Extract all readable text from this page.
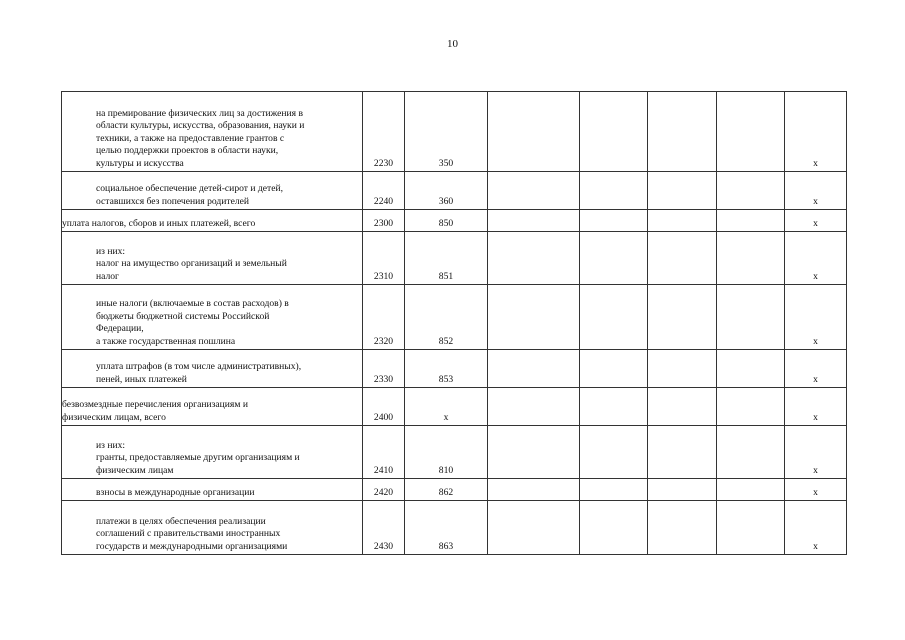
10
на премирование физических лиц за достижения в
области культуры, искусства, образования, науки и
техники, а также на предоставление грантов с
целью поддержки проектов в области науки,
культуры и искусства	2230	350					x

социальное обеспечение детей-сирот и детей,
оставшихся без попечения родителей	2240	360					x

уплата налогов, сборов и иных платежей, всего	2300	850					x

из них:
налог на имущество организаций и земельный
налог	2310	851					x

иные налоги (включаемые в состав расходов) в
бюджеты бюджетной системы Российской
Федерации,
а также государственная пошлина	2320	852					x

уплата штрафов (в том числе административных),
пеней, иных платежей	2330	853					x

безвозмездные перечисления организациям и
физическим лицам, всего	2400	x					x

из них:
гранты, предоставляемые другим организациям и
физическим лицам	2410	810					x

взносы в международные организации	2420	862					x

платежи в целях обеспечения реализации
соглашений с правительствами иностранных
государств и международными организациями	2430	863					x
